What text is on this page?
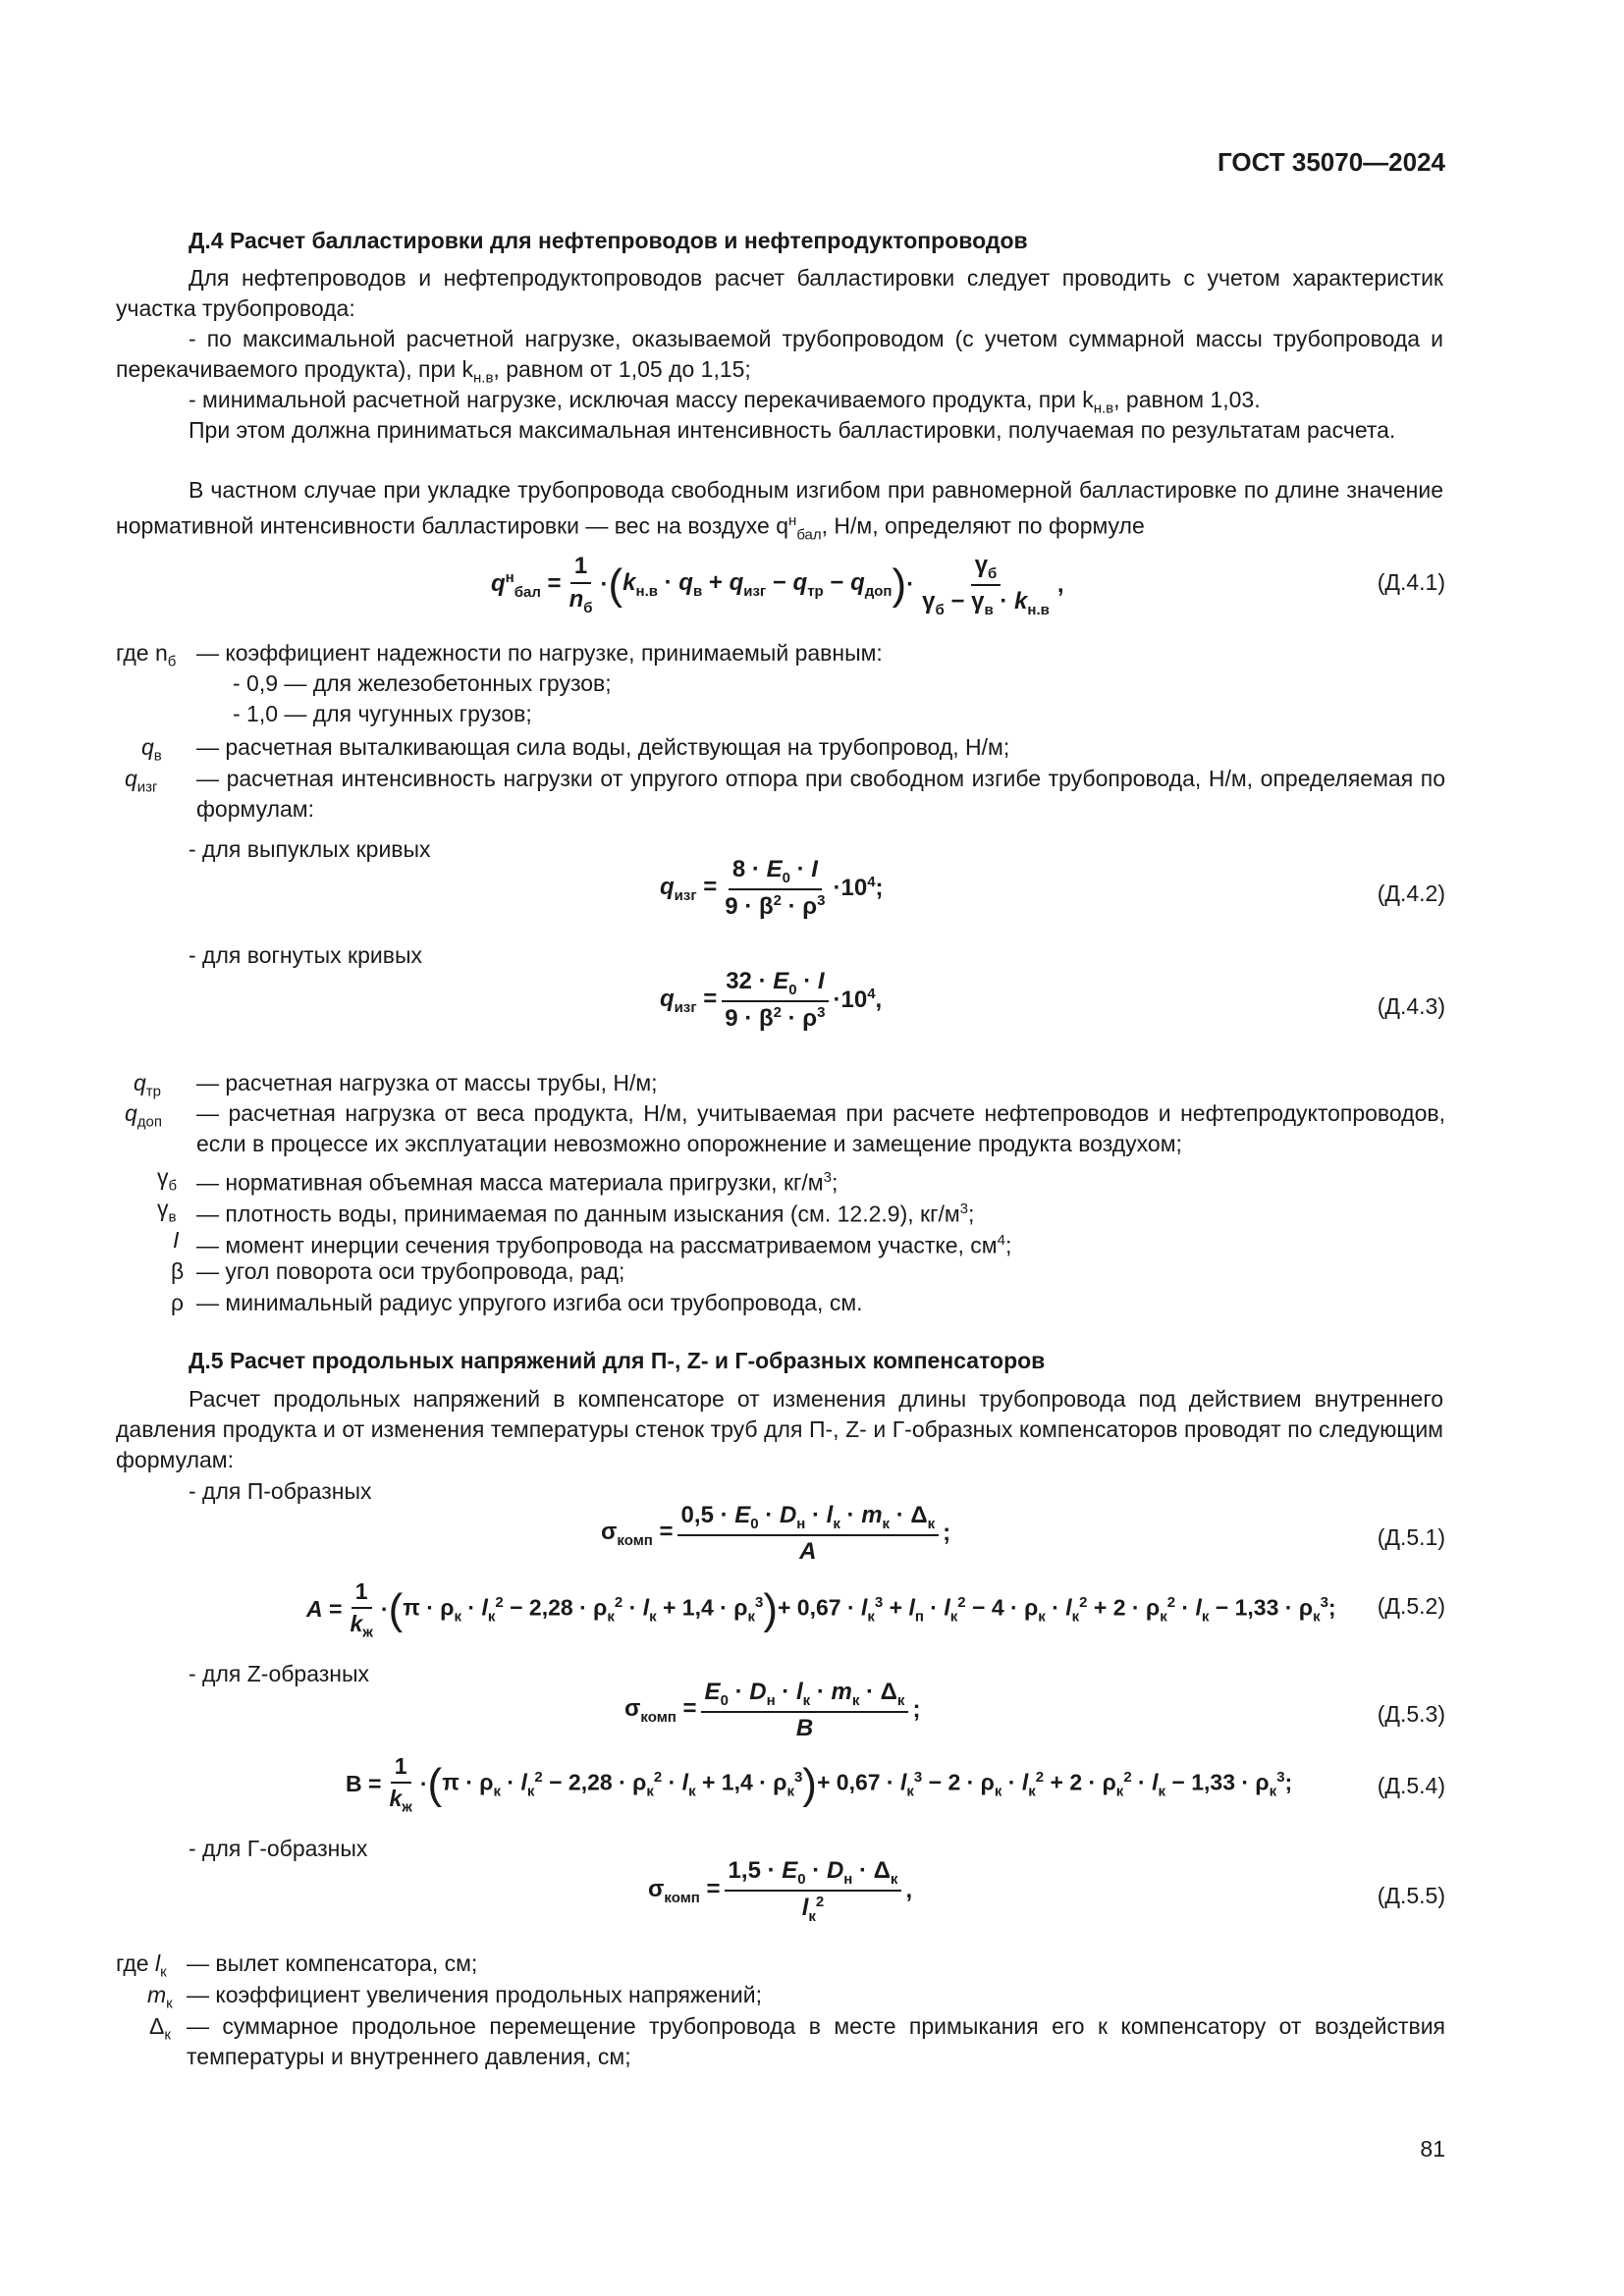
ГОСТ 35070—2024
Д.4 Расчет балластировки для нефтепроводов и нефтепродуктопроводов
Для нефтепроводов и нефтепродуктопроводов расчет балластировки следует проводить с учетом характеристик участка трубопровода:
- по максимальной расчетной нагрузке, оказываемой трубопроводом (с учетом суммарной массы трубопровода и перекачиваемого продукта), при $k_{н.в}$, равном от 1,05 до 1,15;
- минимальной расчетной нагрузке, исключая массу перекачиваемого продукта, при $k_{н.в}$, равном 1,03.
При этом должна приниматься максимальная интенсивность балластировки, получаемая по результатам расчета.
В частном случае при укладке трубопровода свободным изгибом при равномерной балластировке по длине значение нормативной интенсивности балластировки — вес на воздухе $q^н_{бал}$, Н/м, определяют по формуле
$q^н_{бал}$ =
1
$n_б$
· ( $k_{н.в} \cdot q_в + q_{изг} - q_{тр} - q_{доп}$ ) ·
$\gamma_б$
$\gamma_б - \gamma_в \cdot k_{н.в}$
,	(Д.4.1)
где $n_б$ — коэффициент надежности по нагрузке, принимаемый равным:
- 0,9 — для железобетонных грузов;
- 1,0 — для чугунных грузов;
$q_в$ — расчетная выталкивающая сила воды, действующая на трубопровод, Н/м;
$q_{изг}$ — расчетная интенсивность нагрузки от упругого отпора при свободном изгибе трубопровода, Н/м, определяемая по формулам:
- для выпуклых кривых
$q_{изг} = \frac{8 \cdot E_0 \cdot I}{9 \cdot \beta^2 \cdot \rho^3} \cdot 10^4$;	(Д.4.2)
- для вогнутых кривых
$q_{изг} = \frac{32 \cdot E_0 \cdot I}{9 \cdot \beta^2 \cdot \rho^3} \cdot 10^4$,	(Д.4.3)
$q_{тр}$ — расчетная нагрузка от массы трубы, Н/м;
$q_{доп}$ — расчетная нагрузка от веса продукта, Н/м, учитываемая при расчете нефтепроводов и нефтепродуктопроводов, если в процессе их эксплуатации невозможно опорожнение и замещение продукта воздухом;
$\gamma_б$ — нормативная объемная масса материала пригрузки, $кг/м^3$;
$\gamma_в$ — плотность воды, принимаемая по данным изыскания (см. 12.2.9), $кг/м^3$;
I — момент инерции сечения трубопровода на рассматриваемом участке, $см^4$;
β — угол поворота оси трубопровода, рад;
ρ — минимальный радиус упругого изгиба оси трубопровода, см.
Д.5 Расчет продольных напряжений для П-, Z- и Г-образных компенсаторов
Расчет продольных напряжений в компенсаторе от изменения длины трубопровода под действием внутреннего давления продукта и от изменения температуры стенок труб для П-, Z- и Г-образных компенсаторов проводят по следующим формулам:
- для П-образных
$\sigma_{комп}$ =
$0,5 \cdot E_0 \cdot D_н \cdot l_к \cdot m_к \cdot \Delta_к$
A
;	(Д.5.1)
A =
1
$k_ж$
· ( $\pi \cdot \rho_к \cdot l_к^2 - 2,28 \cdot \rho_к^2 \cdot l_к + 1,4 \cdot \rho_к^3$ ) + $0,67 \cdot l_к^3 + l_п \cdot l_к^2 - 4 \cdot \rho_к \cdot l_к^2 + 2 \cdot \rho_к^2 \cdot l_к - 1,33 \cdot \rho_к^3$; (Д.5.2)
- для Z-образных
$\sigma_{комп}$ =
$E_0 \cdot D_н \cdot l_к \cdot m_к \cdot \Delta_к$
B
;	(Д.5.3)
В =
1
$k_ж$
· ( $\pi \cdot \rho_к \cdot l_к^2 - 2,28 \cdot \rho_к^2 \cdot l_к + 1,4 \cdot \rho_к^3$ ) + $0,67 \cdot l_к^3 - 2 \cdot \rho_к \cdot l_к^2 + 2 \cdot \rho_к^2 \cdot l_к - 1,33 \cdot \rho_к^3$;	(Д.5.4)
- для Г-образных
$\sigma_{комп}$ =
$1,5 \cdot E_0 \cdot D_н \cdot \Delta_к$
$l_к^2$	,	(Д.5.5)
где $l_к$ — вылет компенсатора, см;
$m_к$ — коэффициент увеличения продольных напряжений;
$\Delta_к$ — суммарное продольное перемещение трубопровода в месте примыкания его к компенсатору от воздействия температуры и внутреннего давления, см;
81
